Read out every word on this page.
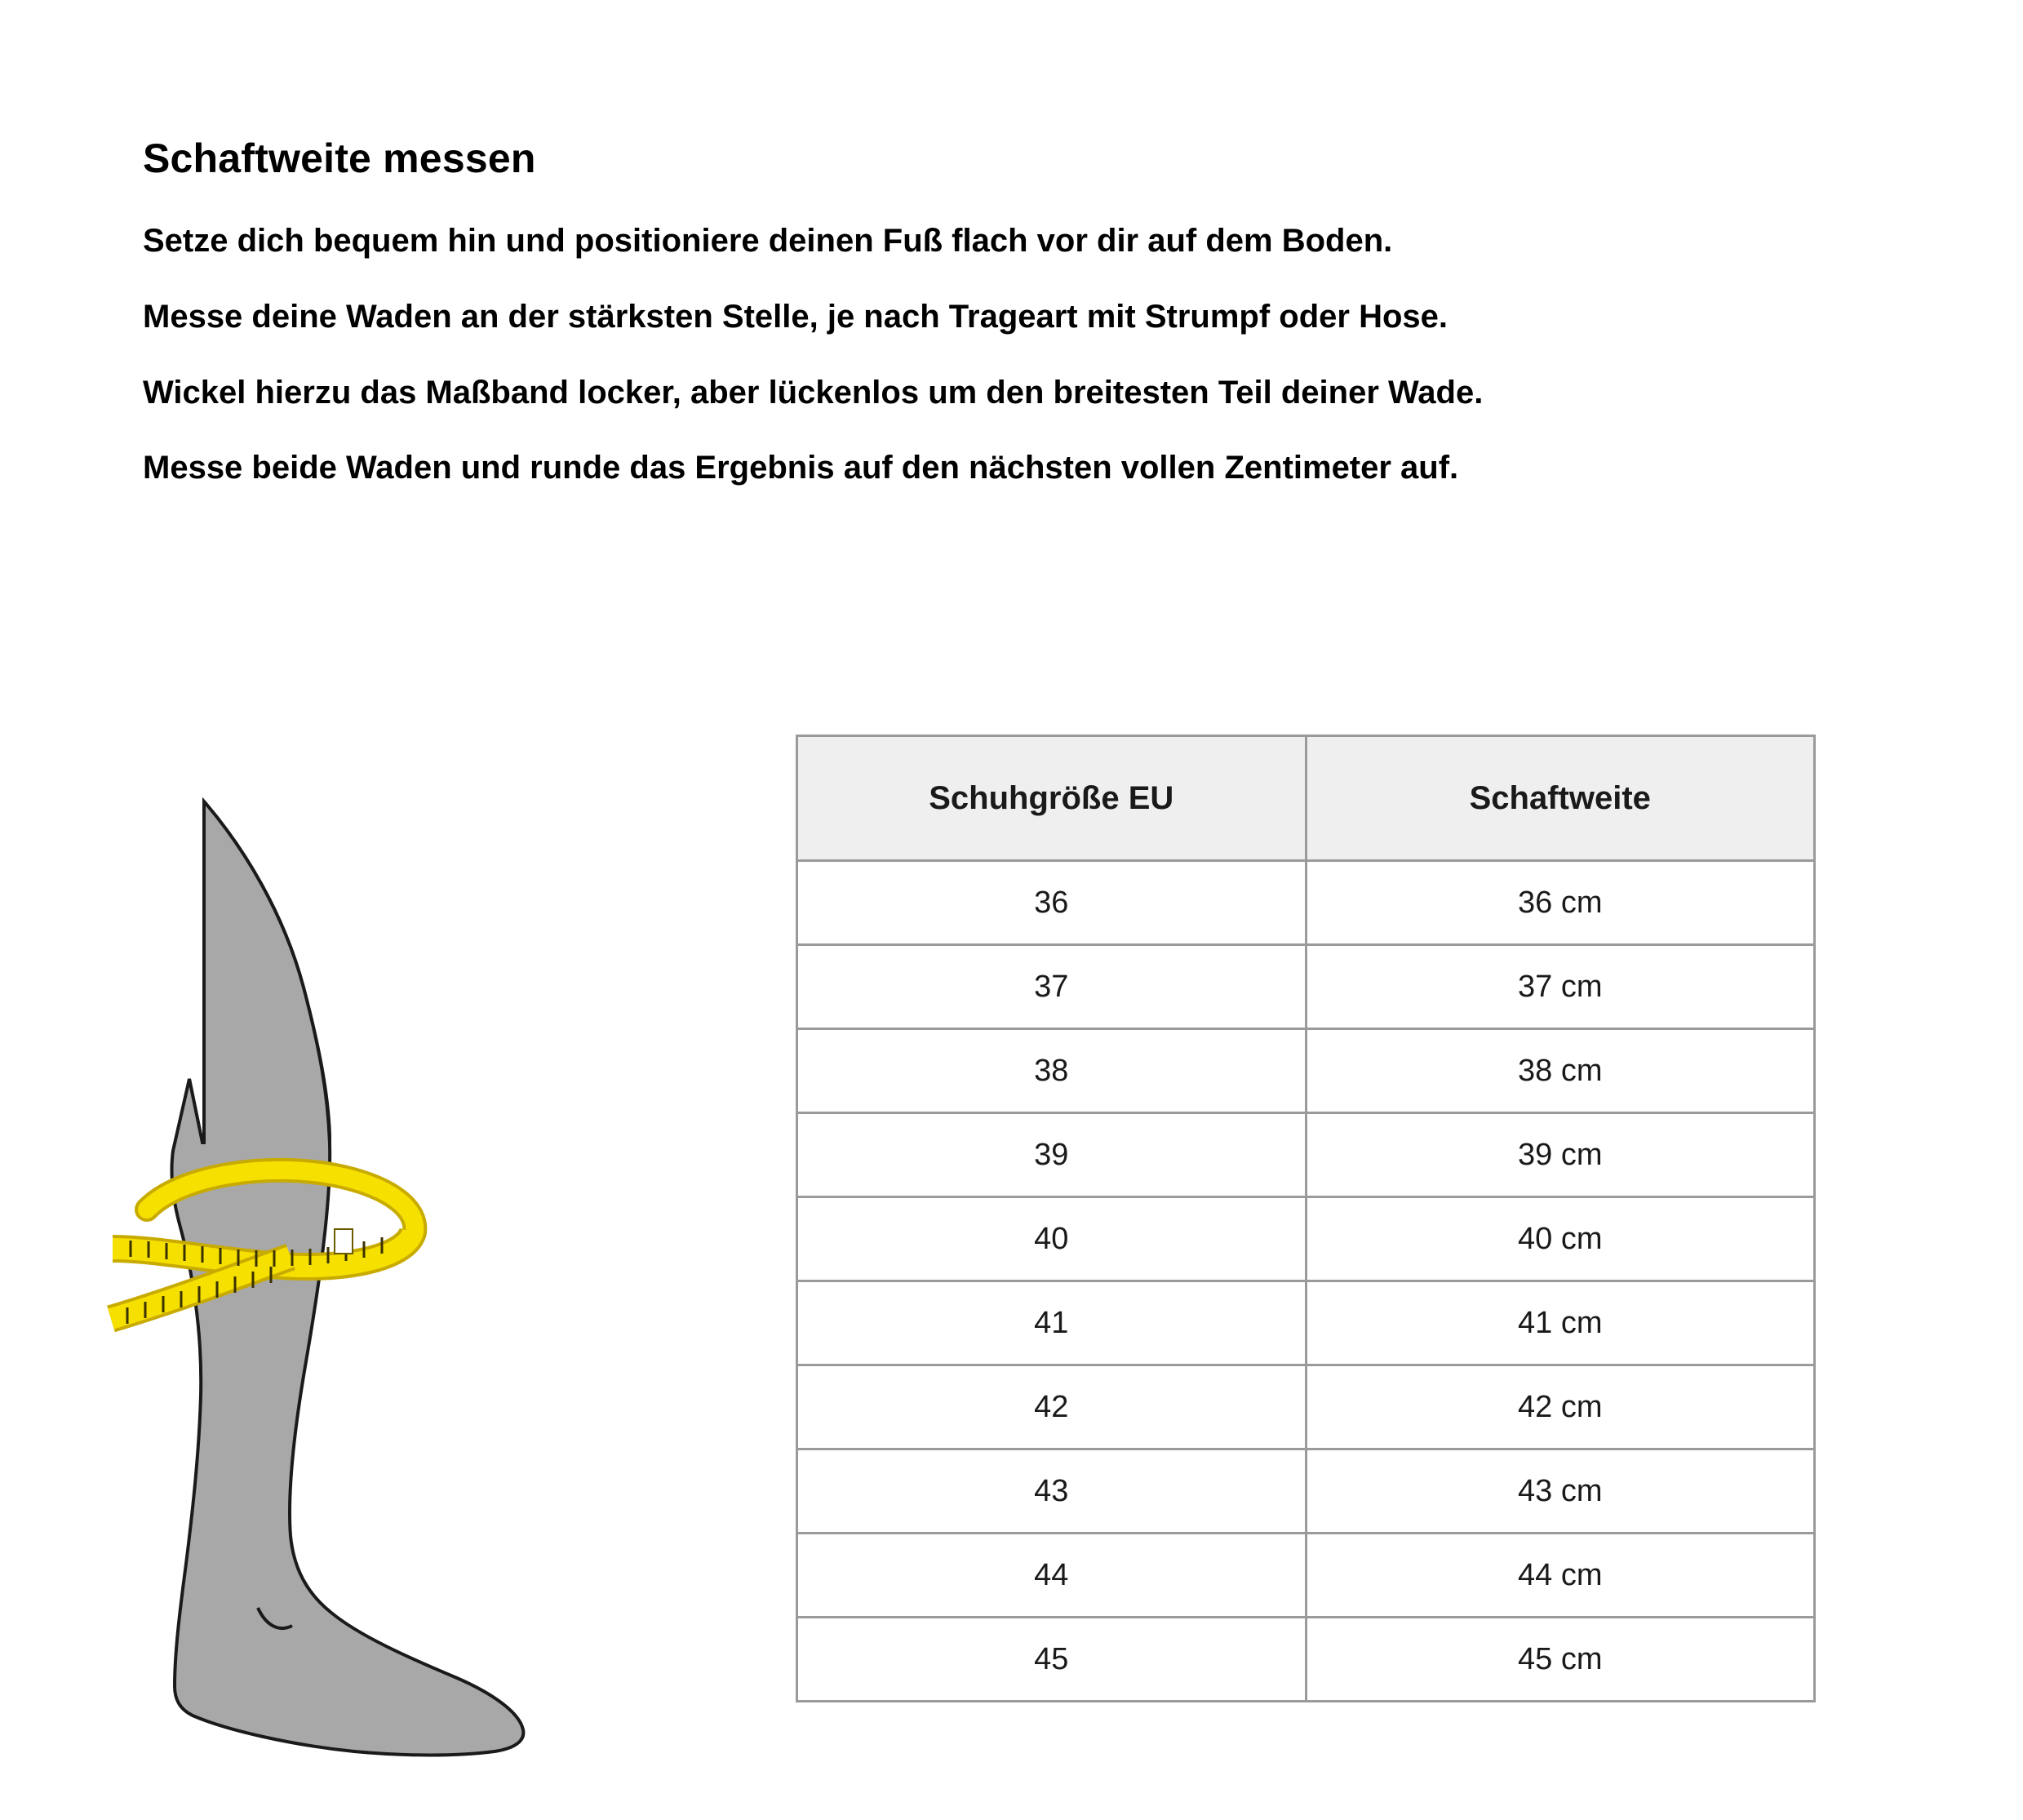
Schaftweite messen

Setze dich bequem hin und positioniere deinen Fuß flach vor dir auf dem Boden.

Messe deine Waden an der stärksten Stelle, je nach Trageart mit Strumpf oder Hose.

Wickel hierzu das Maßband locker, aber lückenlos um den breitesten Teil deiner Wade.

Messe beide Waden und runde das Ergebnis auf den nächsten vollen Zentimeter auf.

Schuhgröße EU	Schaftweite
36	36 cm
37	37 cm
38	38 cm
39	39 cm
40	40 cm
41	41 cm
42	42 cm
43	43 cm
44	44 cm
45	45 cm
